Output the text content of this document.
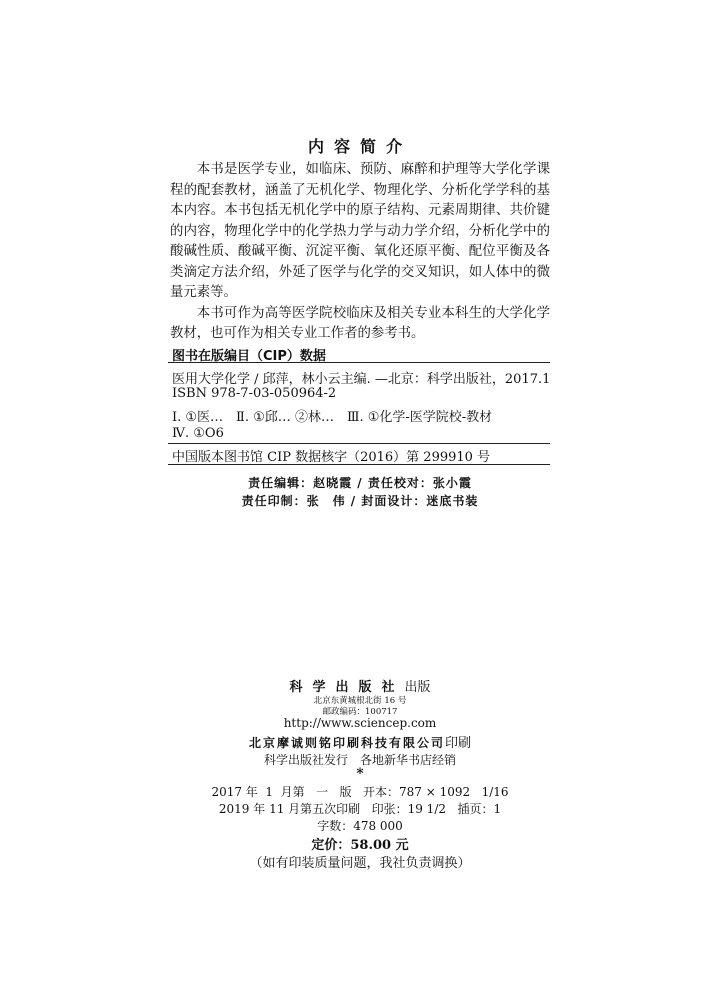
内容简介

本书是医学专业，如临床、预防、麻醉和护理等大学化学课程的配套教材，涵盖了无机化学、物理化学、分析化学学科的基本内容。本书包括无机化学中的原子结构、元素周期律、共价键的内容，物理化学中的化学热力学与动力学介绍，分析化学中的酸碱性质、酸碱平衡、沉淀平衡、氧化还原平衡、配位平衡及各类滴定方法介绍，外延了医学与化学的交叉知识，如人体中的微量元素等。

本书可作为高等医学院校临床及相关专业本科生的大学化学教材，也可作为相关专业工作者的参考书。

图书在版编目（CIP）数据
医用大学化学 / 邱萍，林小云主编. —北京：科学出版社，2017.1
ISBN 978-7-03-050964-2
Ⅰ. ①医…　Ⅱ. ①邱… ②林…　Ⅲ. ①化学-医学院校-教材
Ⅳ. ①O6
中国版本图书馆 CIP 数据核字（2016）第 299910 号
责任编辑：赵晓霞 / 责任校对：张小霞
责任印制：张　伟 / 封面设计：迷底书装
科学出版社出版
北京东黄城根北街 16 号
邮政编码：100717
http://www.sciencep.com
北京摩诚则铭印刷科技有限公司印刷
科学出版社发行　各地新华书店经销
*
2017 年  1  月第   一   版   开本：787 × 1092   1/16
2019 年 11 月第五次印刷   印张：19 1/2   插页：1
字数：478 000
定价：58.00 元
（如有印装质量问题，我社负责调换）
